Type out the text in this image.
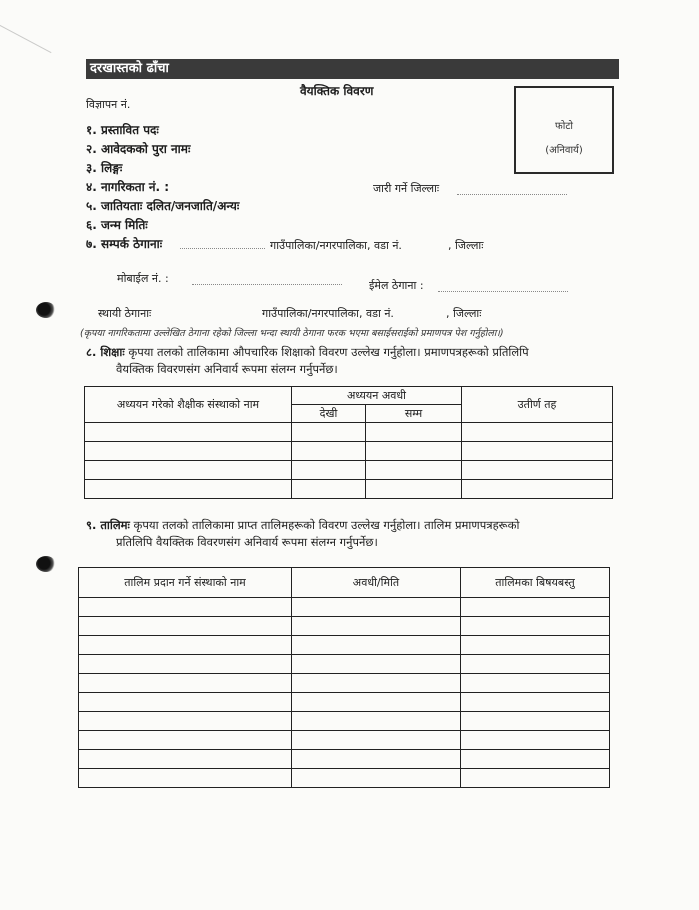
दरखास्तको ढाँचा
वैयक्तिक विवरण
फोटो
(अनिवार्य)
विज्ञापन नं.
१. प्रस्तावित पदः
२. आवेदकको पुरा नामः
३. लिङ्गः
४. नागरिकता नं. :	जारी गर्ने जिल्लाः
५. जातियताः दलित/जनजाति/अन्यः
६. जन्म मितिः
७. सम्पर्क ठेगानाः	गाउँपालिका/नगरपालिका, वडा नं.	, जिल्लाः
मोबाईल नं. :
ईमेल ठेगाना :
स्थायी ठेगानाः	गाउँपालिका/नगरपालिका, वडा नं.	, जिल्लाः
(कृपया नागरिकतामा उल्लेखित ठेगाना रहेको जिल्ला भन्दा स्थायी ठेगाना फरक भएमा बसाईसराईको प्रमाणपत्र पेश गर्नुहोला।)
८. शिक्षाः कृपया तलको तालिकामा औपचारिक शिक्षाको विवरण उल्लेख गर्नुहोला। प्रमाणपत्रहरूको प्रतिलिपि
वैयक्तिक विवरणसंग अनिवार्य रूपमा संलग्न गर्नुपर्नेछ।
अध्ययन गरेको शैक्षीक संस्थाको नाम	अध्ययन अवधी		उतीर्ण तह
	देखी	सम्म	

९. तालिमः कृपया तलको तालिकामा प्राप्त तालिमहरूको विवरण उल्लेख गर्नुहोला। तालिम प्रमाणपत्रहरूको
प्रतिलिपि वैयक्तिक विवरणसंग अनिवार्य रूपमा संलग्न गर्नुपर्नेछ।
तालिम प्रदान गर्ने संस्थाको नाम	अवधी/मिति	तालिमका बिषयबस्तु
